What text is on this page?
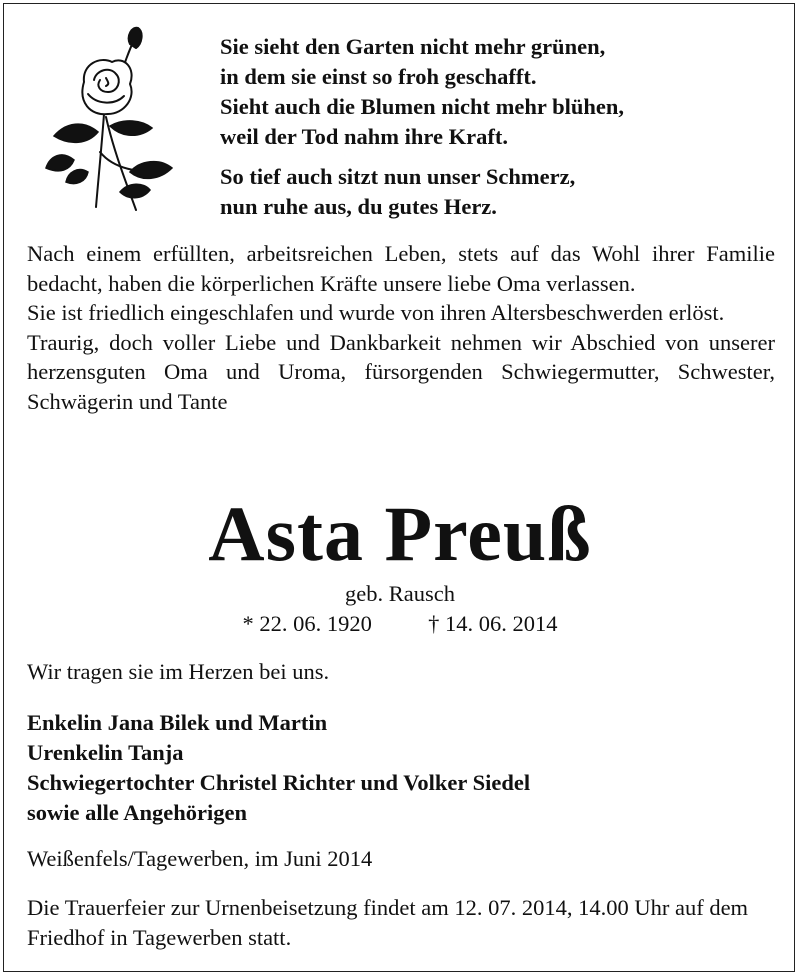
Sie sieht den Garten nicht mehr grünen,
in dem sie einst so froh geschafft.
Sieht auch die Blumen nicht mehr blühen,
weil der Tod nahm ihre Kraft.
So tief auch sitzt nun unser Schmerz,
nun ruhe aus, du gutes Herz.

Nach einem erfüllten, arbeitsreichen Leben, stets auf das Wohl ihrer Familie bedacht, haben die körperlichen Kräfte unsere liebe Oma verlassen.

Sie ist friedlich eingeschlafen und wurde von ihren Altersbeschwerden erlöst.

Traurig, doch voller Liebe und Dankbarkeit nehmen wir Abschied von unserer herzensguten Oma und Uroma, fürsorgenden Schwiegermutter, Schwester, Schwägerin und Tante

Asta Preuß
geb. Rausch
* 22. 06. 1920	† 14. 06. 2014
Wir tragen sie im Herzen bei uns.
Enkelin Jana Bilek und Martin
Urenkelin Tanja
Schwiegertochter Christel Richter und Volker Siedel
sowie alle Angehörigen
Weißenfels/Tagewerben, im Juni 2014
Die Trauerfeier zur Urnenbeisetzung findet am 12. 07. 2014, 14.00 Uhr auf dem Friedhof in Tagewerben statt.
